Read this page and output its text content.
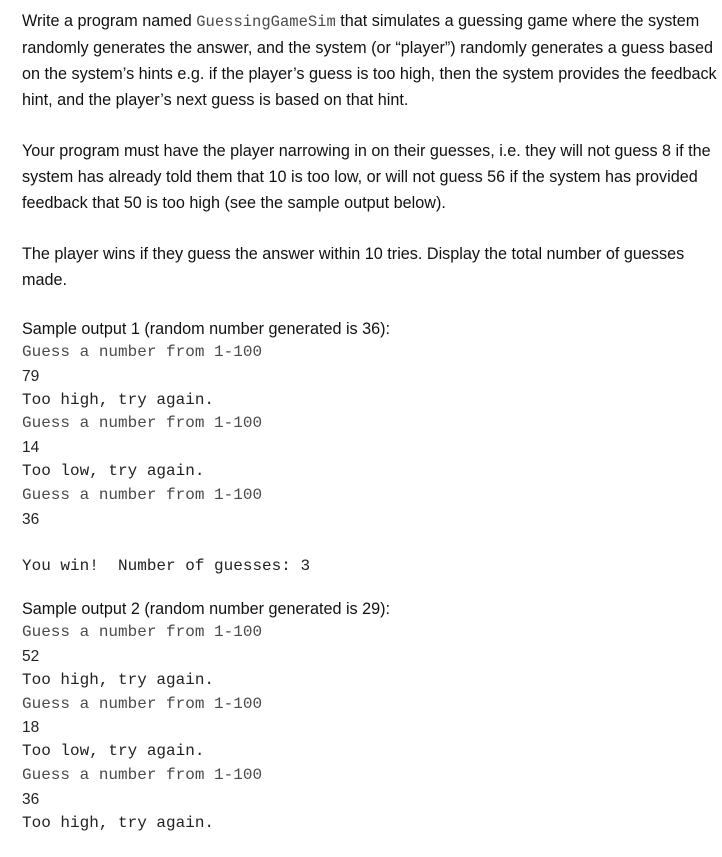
Write a program named GuessingGameSim that simulates a guessing game where the system randomly generates the answer, and the system (or “player”) randomly generates a guess based on the system’s hints e.g. if the player’s guess is too high, then the system provides the feedback hint, and the player’s next guess is based on that hint.

Your program must have the player narrowing in on their guesses, i.e. they will not guess 8 if the system has already told them that 10 is too low, or will not guess 56 if the system has provided feedback that 50 is too high (see the sample output below).

The player wins if they guess the answer within 10 tries. Display the total number of guesses made.

Sample output 1 (random number generated is 36):

Guess a number from 1-100
79
Too high, try again.
Guess a number from 1-100
14
Too low, try again.
Guess a number from 1-100
36
You win!  Number of guesses: 3

Sample output 2 (random number generated is 29):

Guess a number from 1-100
52
Too high, try again.
Guess a number from 1-100
18
Too low, try again.
Guess a number from 1-100
36
Too high, try again.
